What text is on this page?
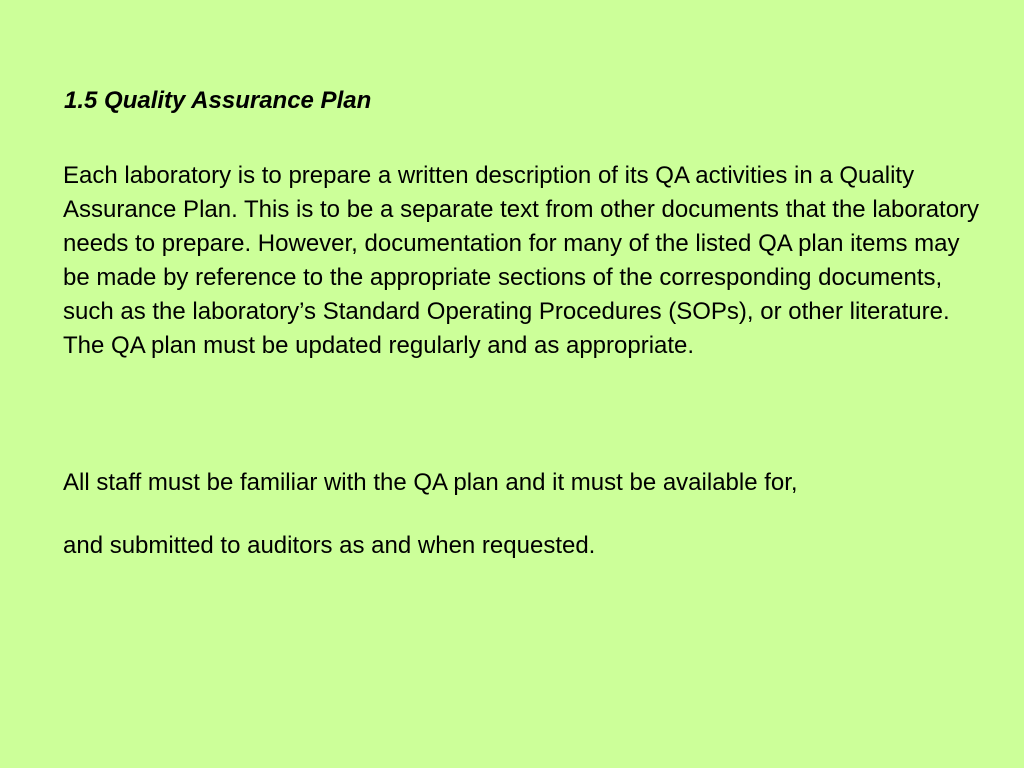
1.5 Quality Assurance Plan

Each laboratory is to prepare a written description of its QA activities in a Quality Assurance Plan. This is to be a separate text from other documents that the laboratory needs to prepare. However, documentation for many of the listed QA plan items may be made by reference to the appropriate sections of the corresponding documents, such as the laboratory’s Standard Operating Procedures (SOPs), or other literature. The QA plan must be updated regularly and as appropriate.

All staff must be familiar with the QA plan and it must be available for,

and submitted to auditors as and when requested.
